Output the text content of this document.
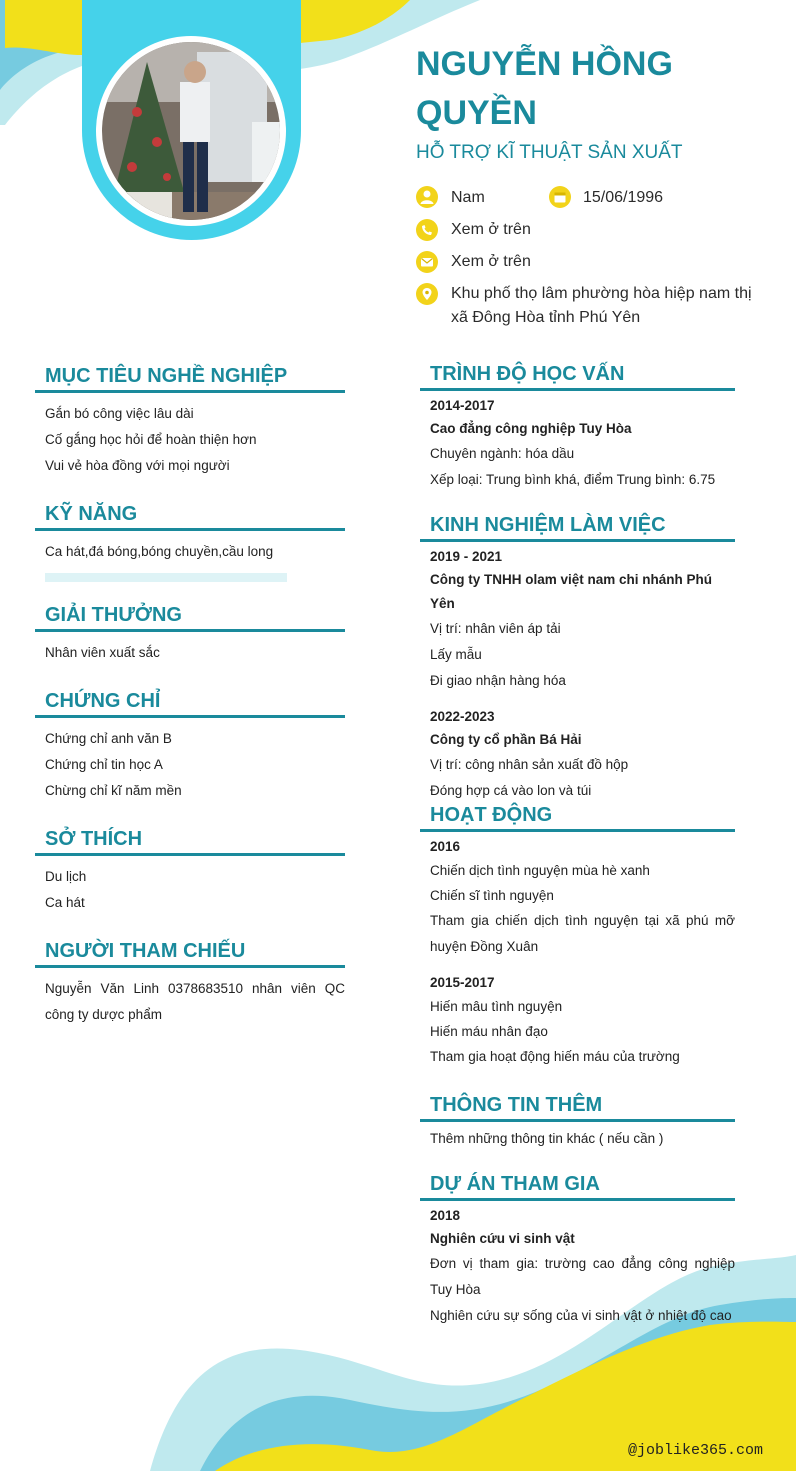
NGUYỄN HỒNG QUYỀN

HỖ TRỢ KĨ THUẬT SẢN XUẤT

Nam	15/06/1996
Xem ở trên
Xem ở trên
Khu phố thọ lâm phường hòa hiệp nam thị xã Đông Hòa tỉnh Phú Yên
MỤC TIÊU NGHỀ NGHIỆP
Gắn bó công việc lâu dài
Cố gắng học hỏi để hoàn thiện hơn
Vui vẻ hòa đồng với mọi người
KỸ NĂNG
Ca hát,đá bóng,bóng chuyền,cầu long
GIẢI THƯỞNG
Nhân viên xuất sắc
CHỨNG CHỈ
Chứng chỉ anh văn B
Chứng chỉ tin học A
Chừng chỉ kĩ năm mền
SỞ THÍCH
Du lịch
Ca hát
NGƯỜI THAM CHIẾU
Nguyễn Văn Linh 0378683510 nhân viên QC công ty dược phẩm
TRÌNH ĐỘ HỌC VẤN
2014-2017
Cao đẳng công nghiệp Tuy Hòa
Chuyên ngành: hóa dầu
Xếp loại: Trung bình khá, điểm Trung bình: 6.75
KINH NGHIỆM LÀM VIỆC
2019 - 2021
Công ty TNHH olam việt nam chi nhánh Phú Yên
Vị trí: nhân viên áp tải
Lấy mẫu
Đi giao nhận hàng hóa
2022-2023
Công ty cổ phần Bá Hải
Vị trí: công nhân sản xuất đồ hộp
Đóng hợp cá vào lon và túi
HOẠT ĐỘNG
2016
Chiến dịch tình nguyện mùa hè xanh
Chiến sĩ tình nguyện
Tham gia chiến dịch tình nguyện tại xã phú mỡ huyện Đồng Xuân
2015-2017
Hiến mâu tình nguyện
Hiến máu nhân đạo
Tham gia hoạt động hiến máu của trường
THÔNG TIN THÊM
Thêm những thông tin khác ( nếu cần )
DỰ ÁN THAM GIA
2018
Nghiên cứu vi sinh vật
Đơn vị tham gia: trường cao đẳng công nghiệp Tuy Hòa
Nghiên cứu sự sống của vi sinh vật ở nhiệt độ cao
@joblike365.com
